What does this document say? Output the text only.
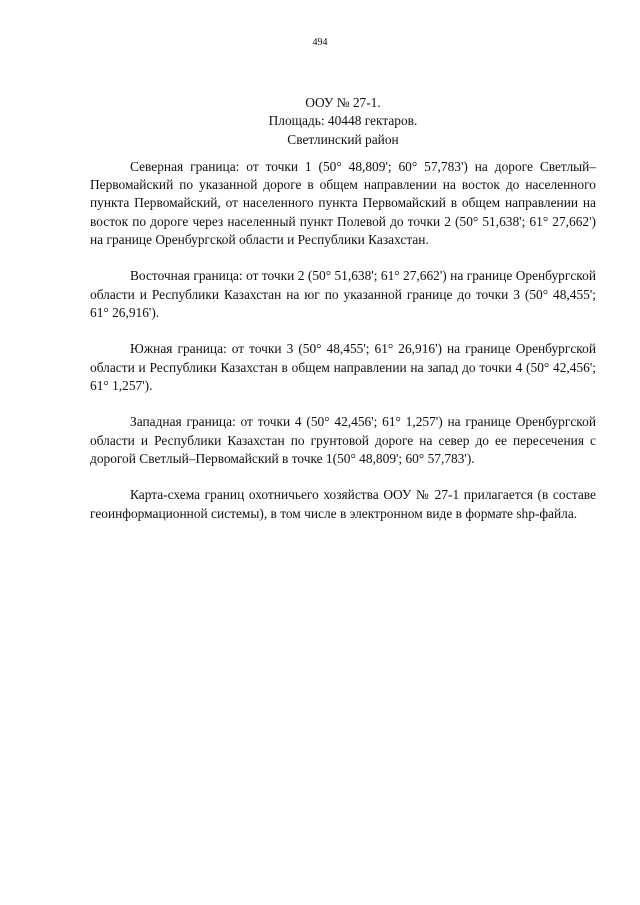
494
ООУ № 27-1.
Площадь: 40448 гектаров.
Светлинский район

Северная граница: от точки 1 (50° 48,809'; 60° 57,783') на дороге Светлый–Первомайский по указанной дороге в общем направлении на восток до населенного пункта Первомайский, от населенного пункта Первомайский в общем направлении на восток по дороге через населенный пункт Полевой до точки 2 (50° 51,638'; 61° 27,662') на границе Оренбургской области и Республики Казахстан.

Восточная граница: от точки 2 (50° 51,638'; 61° 27,662') на границе Оренбургской области и Республики Казахстан на юг по указанной границе до точки 3 (50° 48,455'; 61° 26,916').

Южная граница: от точки 3 (50° 48,455'; 61° 26,916') на границе Оренбургской области и Республики Казахстан в общем направлении на запад до точки 4 (50° 42,456'; 61° 1,257').

Западная граница: от точки 4 (50° 42,456'; 61° 1,257') на границе Оренбургской области и Республики Казахстан по грунтовой дороге на север до ее пересечения с дорогой Светлый–Первомайский в точке 1(50° 48,809'; 60° 57,783').

Карта-схема границ охотничьего хозяйства ООУ № 27-1 прилагается (в составе геоинформационной системы), в том числе в электронном виде в формате shp-файла.
